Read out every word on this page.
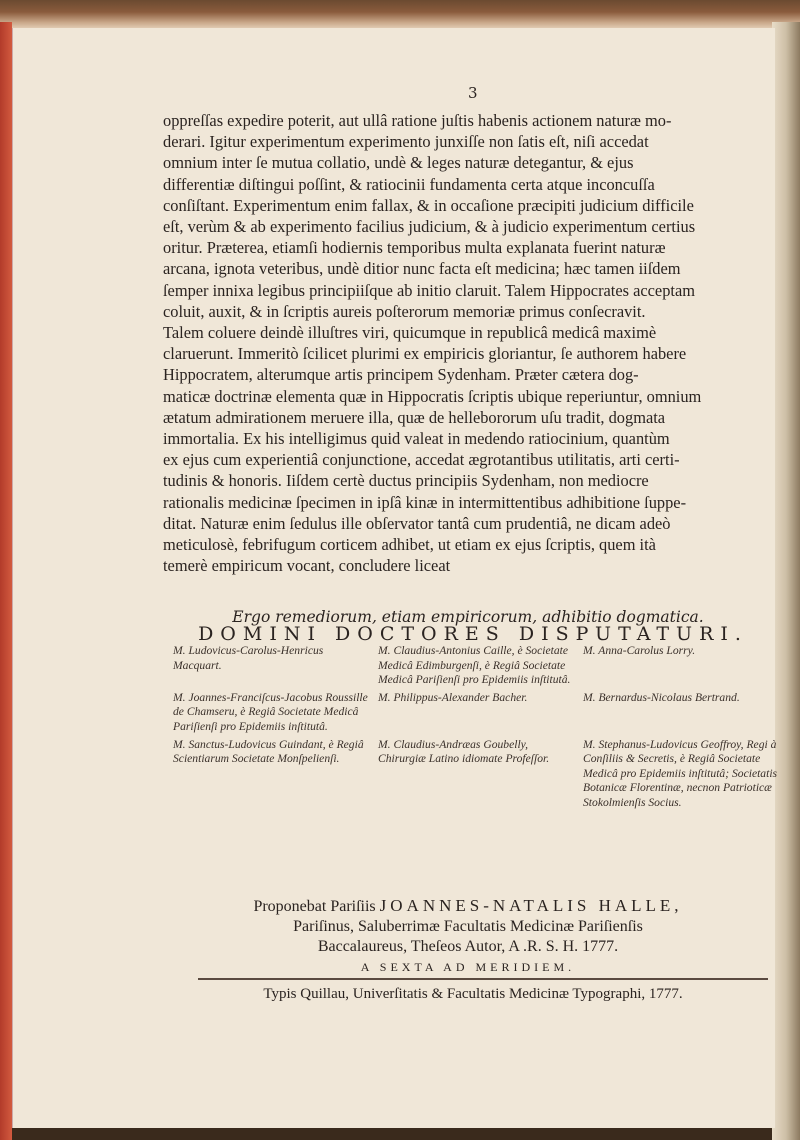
3

oppreſſas expedire poterit, aut ullâ ratione juſtis habenis actionem naturæ mo-

derari. Igitur experimentum experimento junxiſſe non ſatis eſt, niſi accedat

omnium inter ſe mutua collatio, undè & leges naturæ detegantur, & ejus

differentiæ diſtingui poſſint, & ratiocinii fundamenta certa atque inconcuſſa

conſiſtant. Experimentum enim fallax, & in occaſione præcipiti judicium difficile

eſt, verùm & ab experimento facilius judicium, & à judicio experimentum certius

oritur. Præterea, etiamſi hodiernis temporibus multa explanata fuerint naturæ

arcana, ignota veteribus, undè ditior nunc facta eſt medicina; hæc tamen iiſdem

ſemper innixa legibus principiiſque ab initio claruit. Talem Hippocrates acceptam

coluit, auxit, & in ſcriptis aureis poſterorum memoriæ primus conſecravit.

Talem coluere deindè illuſtres viri, quicumque in republicâ medicâ maximè

claruerunt. Immeritò ſcilicet plurimi ex empiricis gloriantur, ſe authorem habere

Hippocratem, alterumque artis principem Sydenham. Præter cætera dog-

maticæ doctrinæ elementa quæ in Hippocratis ſcriptis ubique reperiuntur, omnium

ætatum admirationem meruere illa, quæ de hellebororum uſu tradit, dogmata

immortalia. Ex his intelligimus quid valeat in medendo ratiocinium, quantùm

ex ejus cum experientiâ conjunctione, accedat ægrotantibus utilitatis, arti certi-

tudinis & honoris. Iiſdem certè ductus principiis Sydenham, non mediocre

rationalis medicinæ ſpecimen in ipſâ kinæ in intermittentibus adhibitione ſuppe-

ditat. Naturæ enim ſedulus ille obſervator tantâ cum prudentiâ, ne dicam adeò

meticulosè, febrifugum corticem adhibet, ut etiam ex ejus ſcriptis, quem ità

temerè empiricum vocant, concludere liceat

Ergo remediorum, etiam empiricorum, adhibitio dogmatica.
DOMINI DOCTORES DISPUTATURI.
M. Ludovicus-Carolus-Henricus Macquart.
M. Claudius-Antonius Caille, è Societate Medicâ Edimburgenſi, è Regiâ Societate Medicâ Pariſienſi pro Epidemiis inſtitutâ.
M. Anna-Carolus Lorry.
M. Joannes-Franciſcus-Jacobus Roussille de Chamseru, è Regiâ Societate Medicâ Pariſienſi pro Epidemiis inſtitutâ.
M. Philippus-Alexander Bacher.	M. Bernardus-Nicolaus Bertrand.
M. Sanctus-Ludovicus Guindant, è Regiâ Scientiarum Societate Monſpelienſi.
M. Claudius-Andræas Goubelly, Chirurgiæ Latino idiomate Profeſſor.
M. Stephanus-Ludovicus Geoffroy, Regi à Conſiliis & Secretis, è Regiâ Societate Medicâ pro Epidemiis inſtitutâ; Societatis Botanicæ Florentinæ, necnon Patrioticæ Stokolmienſis Socius.
Proponebat Pariſiis JOANNES-NATALIS HALLE,
Pariſinus, Saluberrimæ Facultatis Medicinæ Pariſienſis
Baccalaureus, Theſeos Autor, A .R. S. H. 1777.
A SEXTA AD MERIDIEM.
Typis Quillau, Univerſitatis & Facultatis Medicinæ Typographi, 1777.
